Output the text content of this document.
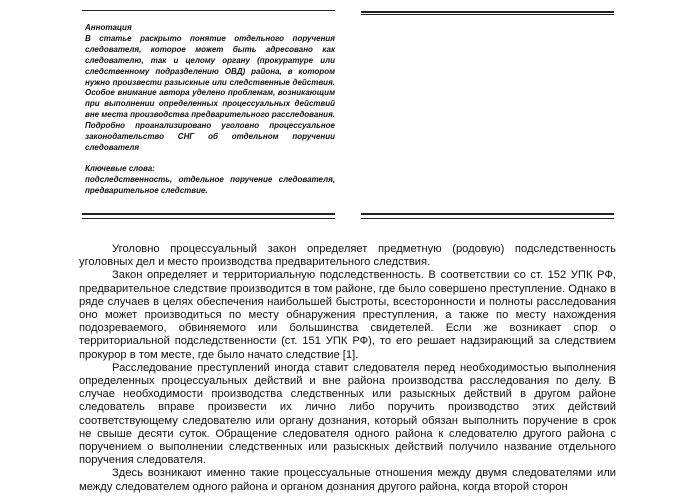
Аннотация

В статье раскрыто понятие отдельного поручения следователя, которое может быть адресовано как следователю, так и целому органу (прокуратуре или следственному подразделению ОВД) района, в котором нужно произвести разыскные или следственные действия. Особое внимание автора уделено проблемам, возникающим при выполнении определенных процессуальных действий вне места производства предварительного расследования. Подробно проанализировано уголовно процессуальное законодательство СНГ об отдельном поручении следователя

Ключевые слова:

подследственность, отдельное поручение следователя, предварительное следствие.

Уголовно процессуальный закон определяет предметную (родовую) подследственность уголовных дел и место производства предварительного следствия.

Закон определяет и территориальную подследственность. В соответствии со ст. 152 УПК РФ, предварительное следствие производится в том районе, где было совершено преступление. Однако в ряде случаев в целях обеспечения наибольшей быстроты, всесторонности и полноты расследования оно может производиться по месту обнаружения преступления, а также по месту нахождения подозреваемого, обвиняемого или большинства свидетелей. Если же возникает спор о территориальной подследственности (ст. 151 УПК РФ), то его решает надзирающий за следствием прокурор в том месте, где было начато следствие [1].

Расследование преступлений иногда ставит следователя перед необходимостью выполнения определенных процессуальных действий и вне района производства расследования по делу. В случае необходимости производства следственных или разыскных действий в другом районе следователь вправе произвести их лично либо поручить производство этих действий соответствующему следователю или органу дознания, который обязан выполнить поручение в срок не свыше десяти суток. Обращение следователя одного района к следователю другого района с поручением о выполнении следственных или разыскных действий получило название отдельного поручения следователя.

Здесь возникают именно такие процессуальные отношения между двумя следователями или между следователем одного района и органом дознания другого района, когда второй сторон
